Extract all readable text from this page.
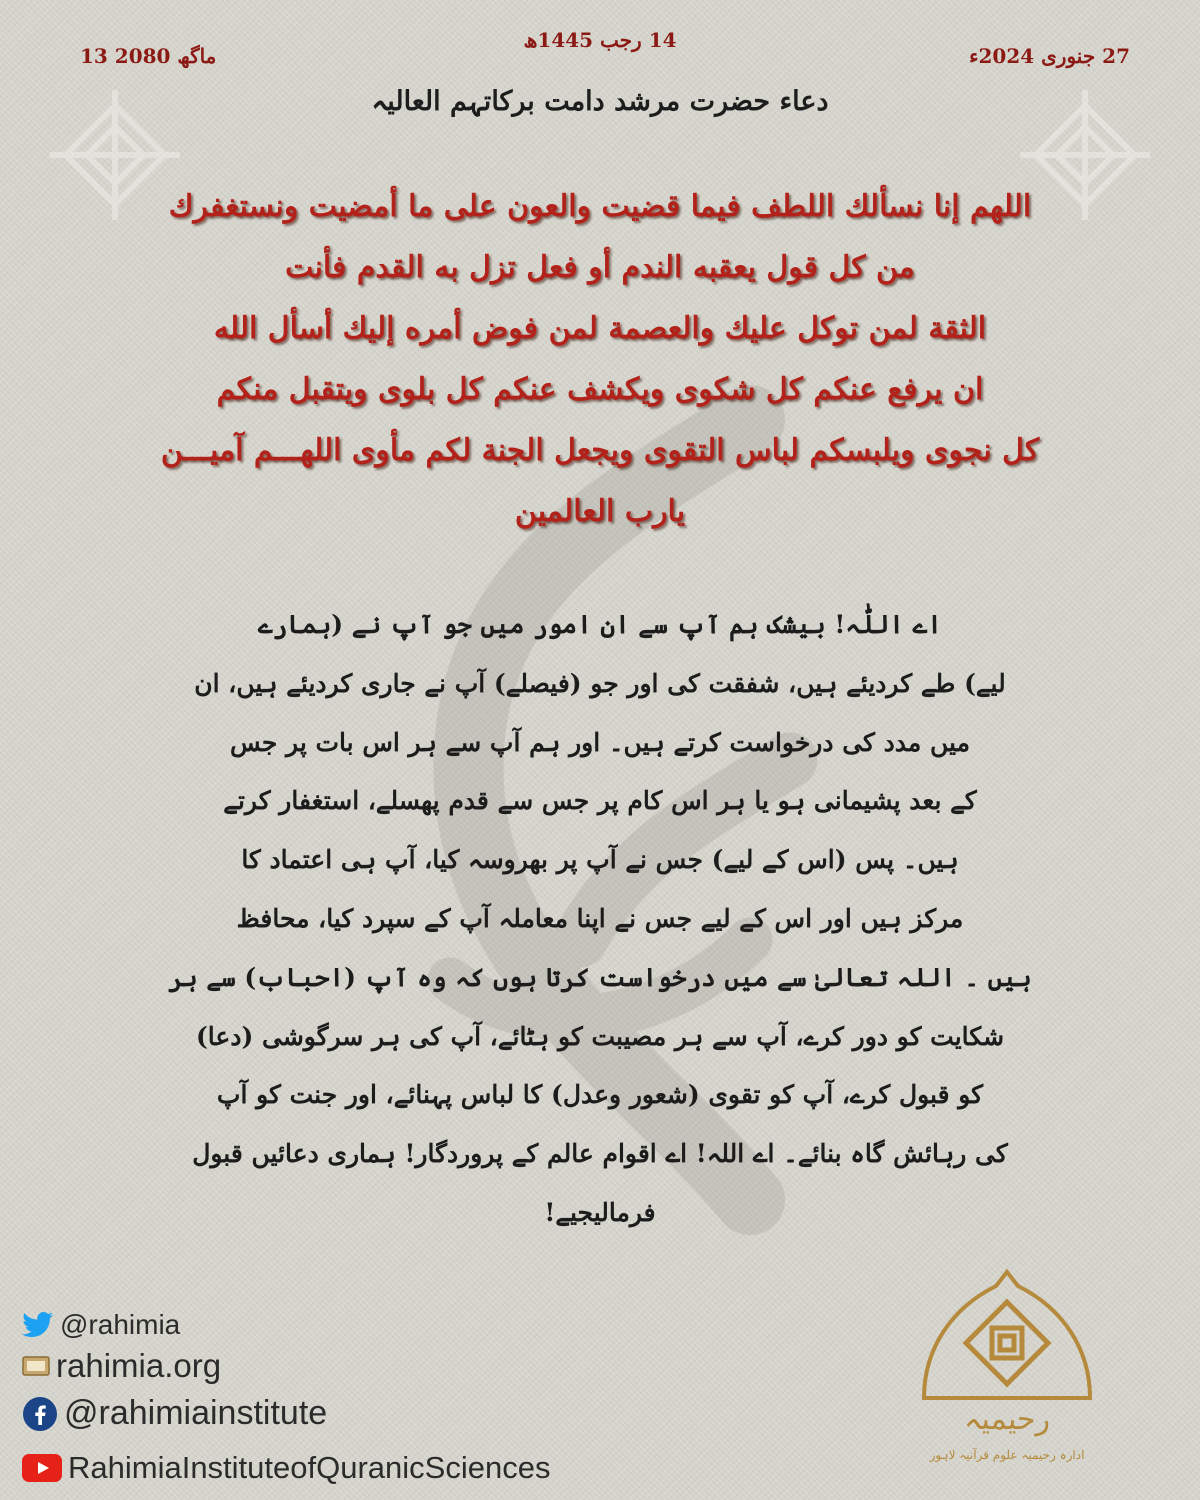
13 ماگھ 2080
14 رجب 1445ھ
27 جنوری 2024ء
دعاء حضرت مرشد دامت برکاتہم العالیہ
اللهم إنا نسألك اللطف فيما قضيت والعون على ما أمضيت ونستغفرك
من كل قول يعقبه الندم أو فعل تزل به القدم فأنت
الثقة لمن توكل عليك والعصمة لمن فوض أمره إليك أسأل الله
ان يرفع عنكم كل شكوى ويكشف عنكم كل بلوى ويتقبل منكم
كل نجوى ويلبسكم لباس التقوى ويجعل الجنة لكم مأوى اللهـــم آميـــن
يارب العالمين
اے اللّٰہ! بیشک ہم آپ سے ان امور میں جو آپ نے (ہمارے
لیے) طے کردیئے ہیں، شفقت کی اور جو (فیصلے) آپ نے جاری کردیئے ہیں، ان
میں مدد کی درخواست کرتے ہیں۔ اور ہم آپ سے ہر اس بات پر جس
کے بعد پشیمانی ہو یا ہر اس کام پر جس سے قدم پھسلے، استغفار کرتے
ہیں۔ پس (اس کے لیے) جس نے آپ پر بھروسہ کیا، آپ ہی اعتماد کا
مرکز ہیں اور اس کے لیے جس نے اپنا معاملہ آپ کے سپرد کیا، محافظ
ہیں ۔ اللہ تعالیٰ سے میں درخواست کرتا ہوں کہ وہ آپ (احباب) سے ہر
شکایت کو دور کرے، آپ سے ہر مصیبت کو ہٹائے، آپ کی ہر سرگوشی (دعا)
کو قبول کرے، آپ کو تقوی (شعور وعدل) کا لباس پہنائے، اور جنت کو آپ
کی رہائش گاہ بنائے۔ اے اللہ! اے اقوام عالم کے پروردگار! ہماری دعائیں قبول
فرمالیجیے!
@rahimia
rahimia.org
@rahimiainstitute
RahimiaInstituteofQuranicSciences
رحیمیہ
ادارہ رحیمیہ علوم قرآنیہ لاہور
